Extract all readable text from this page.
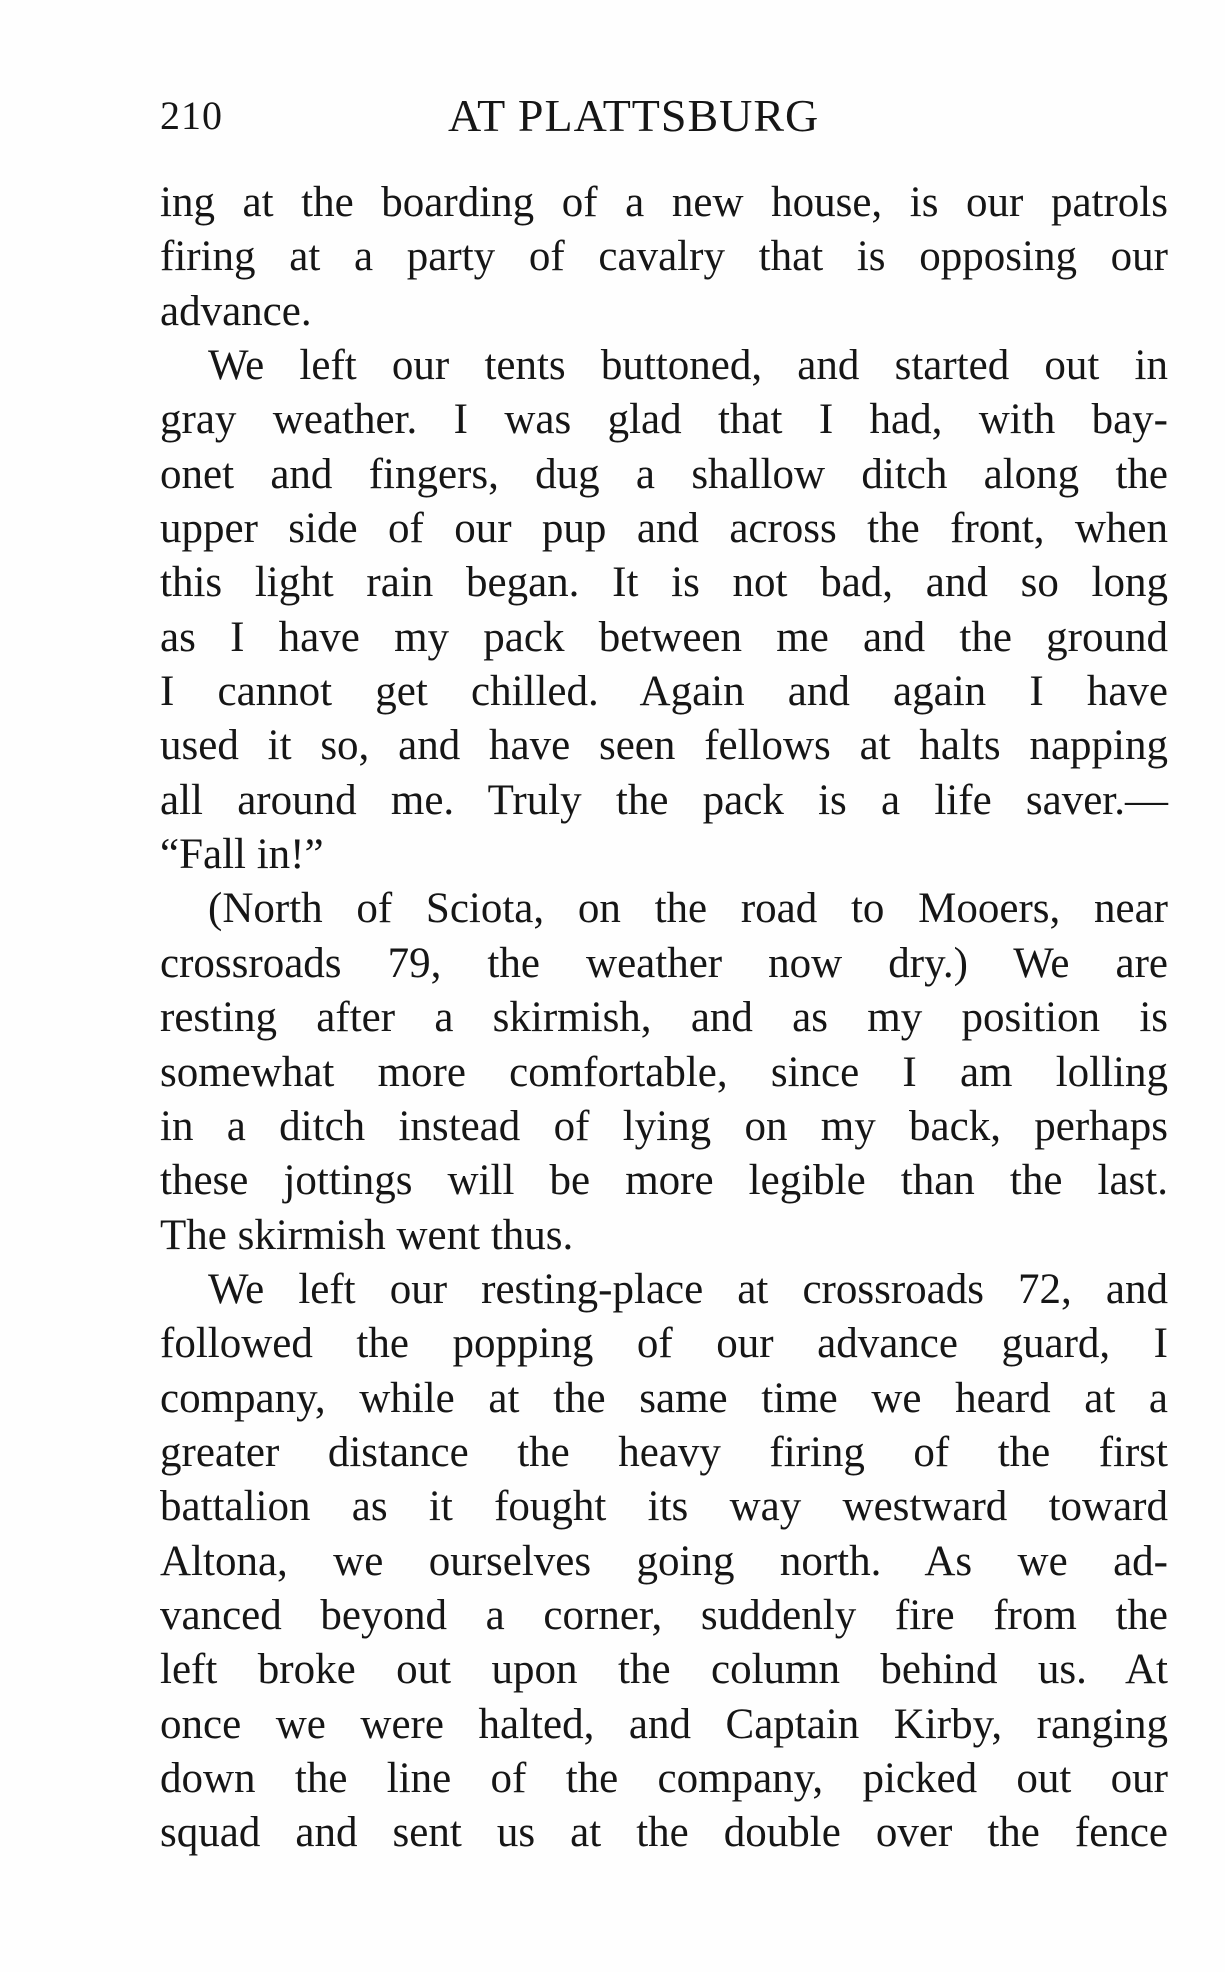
210	AT PLATTSBURG
ing at the boarding of a new house, is our patrols
firing at a party of cavalry that is opposing our
advance.
We left our tents buttoned, and started out in
gray weather. I was glad that I had, with bay-
onet and fingers, dug a shallow ditch along the
upper side of our pup and across the front, when
this light rain began. It is not bad, and so long
as I have my pack between me and the ground
I cannot get chilled. Again and again I have
used it so, and have seen fellows at halts napping
all around me. Truly the pack is a life saver.—
“Fall in!”
(North of Sciota, on the road to Mooers, near
crossroads 79, the weather now dry.) We are
resting after a skirmish, and as my position is
somewhat more comfortable, since I am lolling
in a ditch instead of lying on my back, perhaps
these jottings will be more legible than the last.
The skirmish went thus.
We left our resting-place at crossroads 72, and
followed the popping of our advance guard, I
company, while at the same time we heard at a
greater distance the heavy firing of the first
battalion as it fought its way westward toward
Altona, we ourselves going north. As we ad-
vanced beyond a corner, suddenly fire from the
left broke out upon the column behind us. At
once we were halted, and Captain Kirby, ranging
down the line of the company, picked out our
squad and sent us at the double over the fence
